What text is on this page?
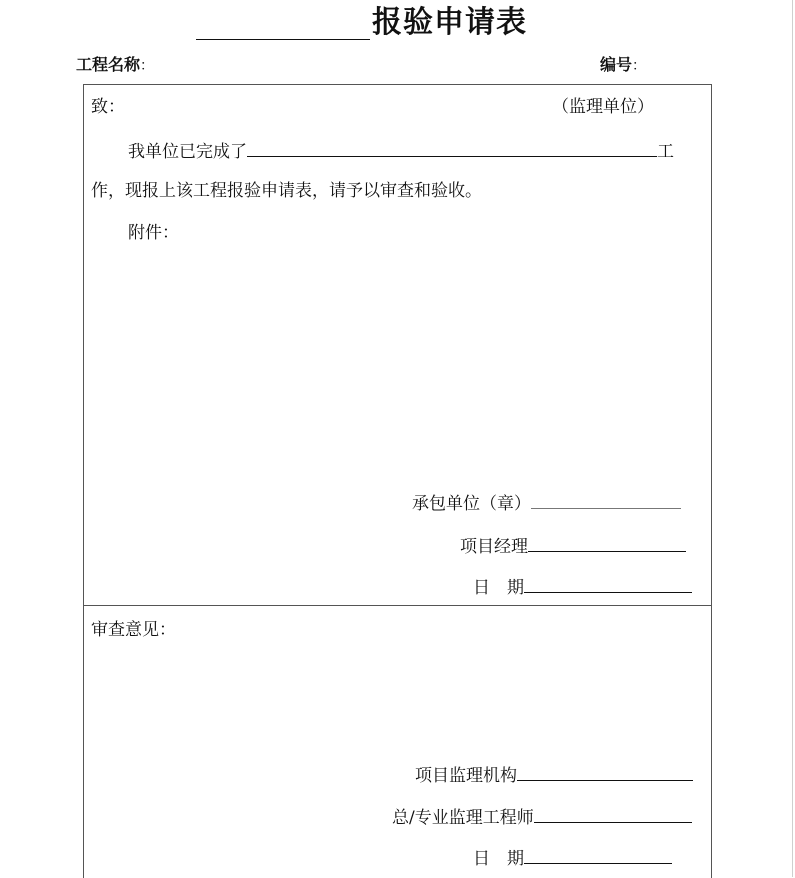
报验申请表
工程名称：	编号：
致：	（监理单位）
我单位已完成了	工
作，现报上该工程报验申请表，请予以审查和验收。
附件：
承包单位（章）
项目经理
日　期
审查意见：
项目监理机构
总/专业监理工程师
日　期
